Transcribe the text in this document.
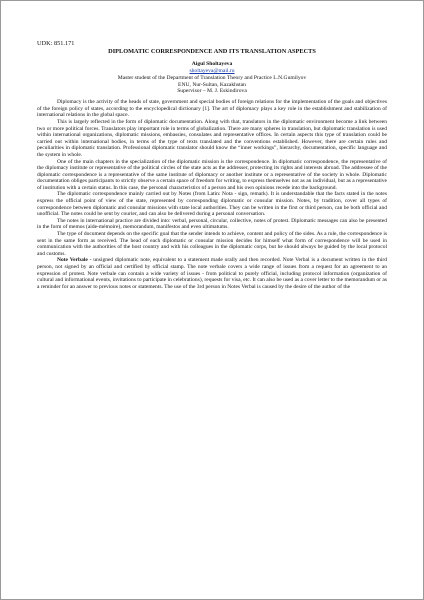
UDK: 851.171
DIPLOMATIC CORRESPONDENCE AND ITS TRANSLATION ASPECTS
Aigul Sholtayeva
sholtayeva@mail.ru
Master student of the Department of Translation Theory and Practice L.N.Gumilyov
ENU, Nur-Sultan, Kazakhstan
Supervisor – M. J. Eskindirova

Diplomacy is the activity of the heads of state, government and special bodies of foreign relations for the implementation of the goals and objectives of the foreign policy of states, according to the encyclopedical dictionary [1]. The art of diplomacy plays a key role in the establishment and stabilization of international relations in the global space.

This is largely reflected in the form of diplomatic documentation. Along with that, translators in the diplomatic environment become a link between two or more political forces. Translators play important role in terms of globalization. There are many spheres in translation, but diplomatic translation is used within international organizations, diplomatic missions, embassies, consulates and representative offices. In certain aspects this type of translation could be carried out within international bodies, in terms of the type of texts translated and the conventions established. However, there are certain rules and peculiarities in diplomatic translation. Professional diplomatic translator should know the “inner workings”, hierarchy, documentation, specific language and the system in whole.

One of the main chapters in the specialization of the diplomatic mission is the correspondence. In diplomatic correspondence, the representative of the diplomacy institute or representative of the political circles of the state acts as the addresser, protecting its rights and interests abroad. The addressee of the diplomatic correspondence is a representative of the same institute of diplomacy or another institute or a representative of the society in whole. Diplomatic documentation obliges participants to strictly observe a certain space of freedom for writing, to express themselves not as an individual, but as a representative of institution with a certain status. In this case, the personal characteristics of a person and his own opinions recede into the background.

The diplomatic correspondence mainly carried out by Notes (from Latin: Nota - sign, remark). It is understandable that the facts stated in the notes express the official point of view of the state, represented by corresponding diplomatic or consular mission. Notes, by tradition, cover all types of correspondence between diplomatic and consular missions with state local authorities. They can be written in the first or third person, can be both official and unofficial. The notes could be sent by courier, and can also be delivered during a personal conversation.

The notes in international practice are divided into: verbal, personal, circular, collective, notes of protest. Diplomatic messages can also be presented in the form of memos (aide-mémoire), memorandum, manifestos and even ultimatums.

The type of document depends on the specific goal that the sender intends to achieve, content and policy of the sides. As a rule, the correspondence is sent in the same form as received. The head of each diplomatic or consular mission decides for himself what form of correspondence will be used in communication with the authorities of the host country and with his colleagues in the diplomatic corps, but he should always be guided by the local protocol and customs.

Note Verbale - unsigned diplomatic note, equivalent to a statement made orally and then recorded. Note Verbal is a document written in the third person, not signed by an official and certified by official stamp. The note verbale covers a wide range of issues from a request for an agreement to an expression of protest. Note verbale can contain a wide variety of issues - from political to purely official, including protocol information (organization of cultural and informational events, invitations to participate in celebrations), requests for visa, etc. It can also be used as a cover letter to the memorandum or as a reminder for an answer to previous notes or statements. The use of the 3rd person in Notes Verbal is caused by the desire of the author of the
